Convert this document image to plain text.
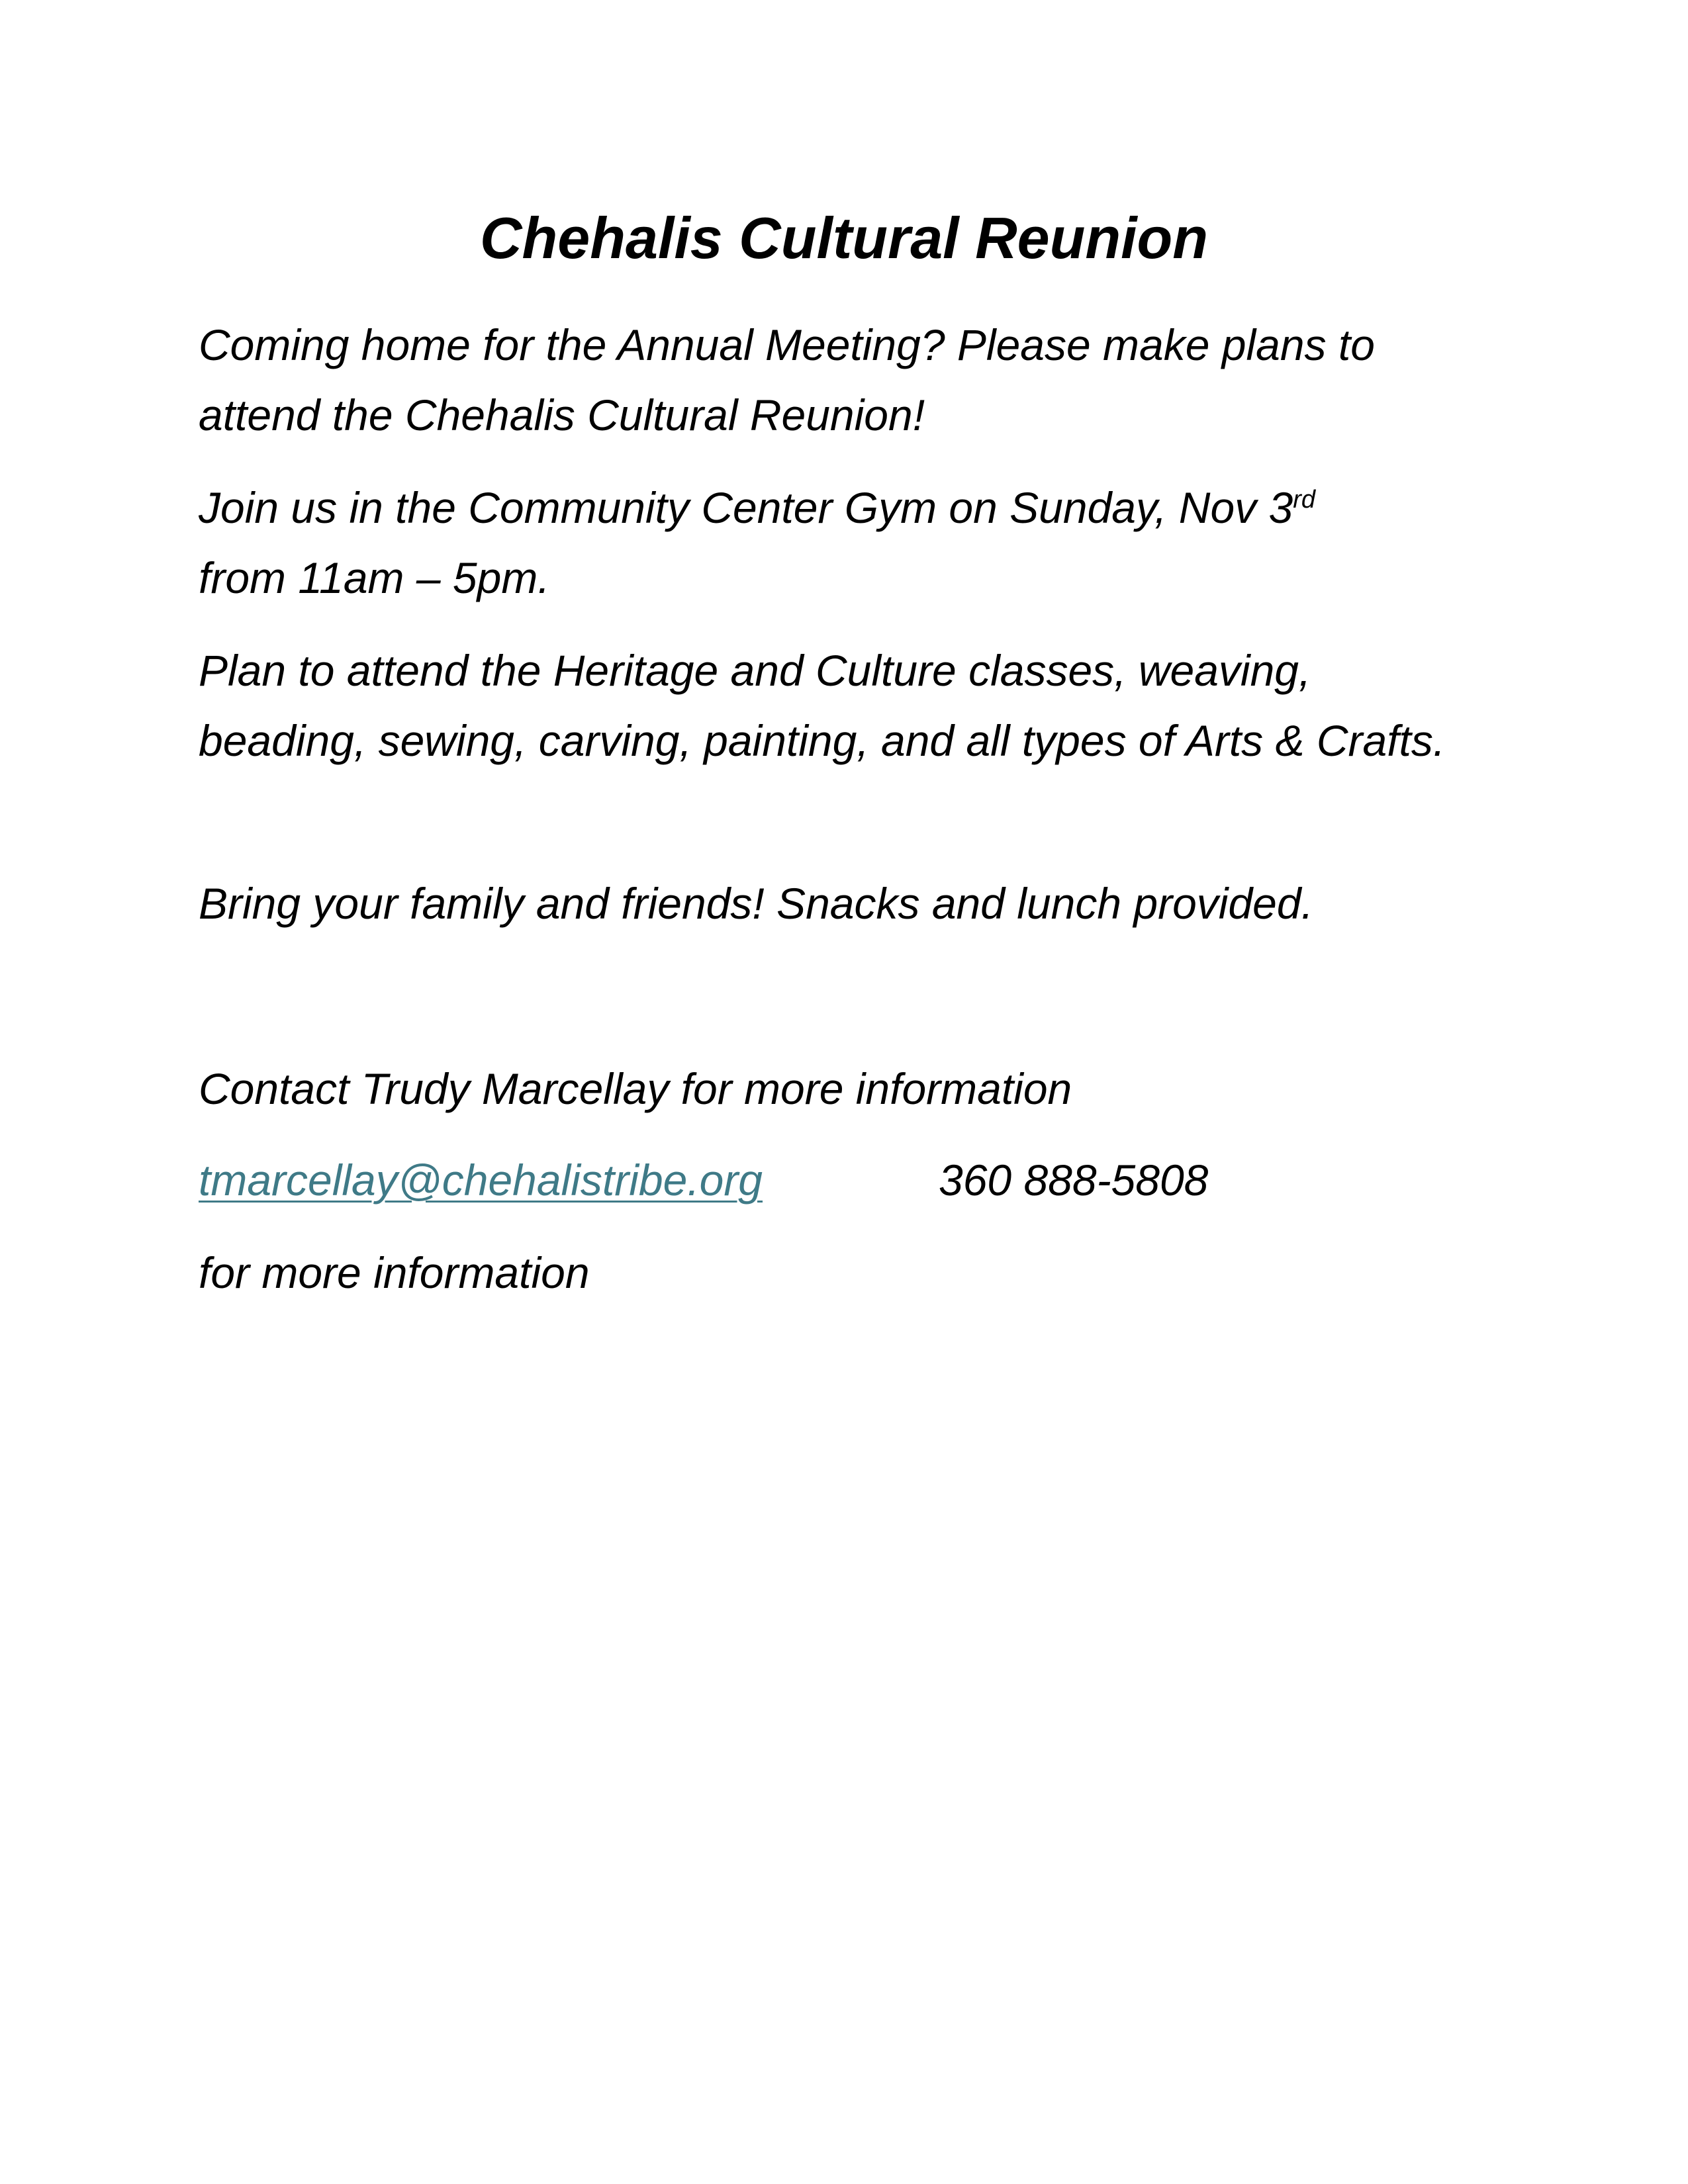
Chehalis Cultural Reunion

Coming home for the Annual Meeting? Please make plans to attend the Chehalis Cultural Reunion!

Join us in the Community Center Gym on Sunday, Nov 3rd
from 11am – 5pm.

Plan to attend the Heritage and Culture classes, weaving, beading, sewing, carving, painting, and all types of Arts & Crafts.

Bring your family and friends! Snacks and lunch provided.

Contact Trudy Marcellay for more information

tmarcellay@chehalistribe.org	360 888-5808

for more information
